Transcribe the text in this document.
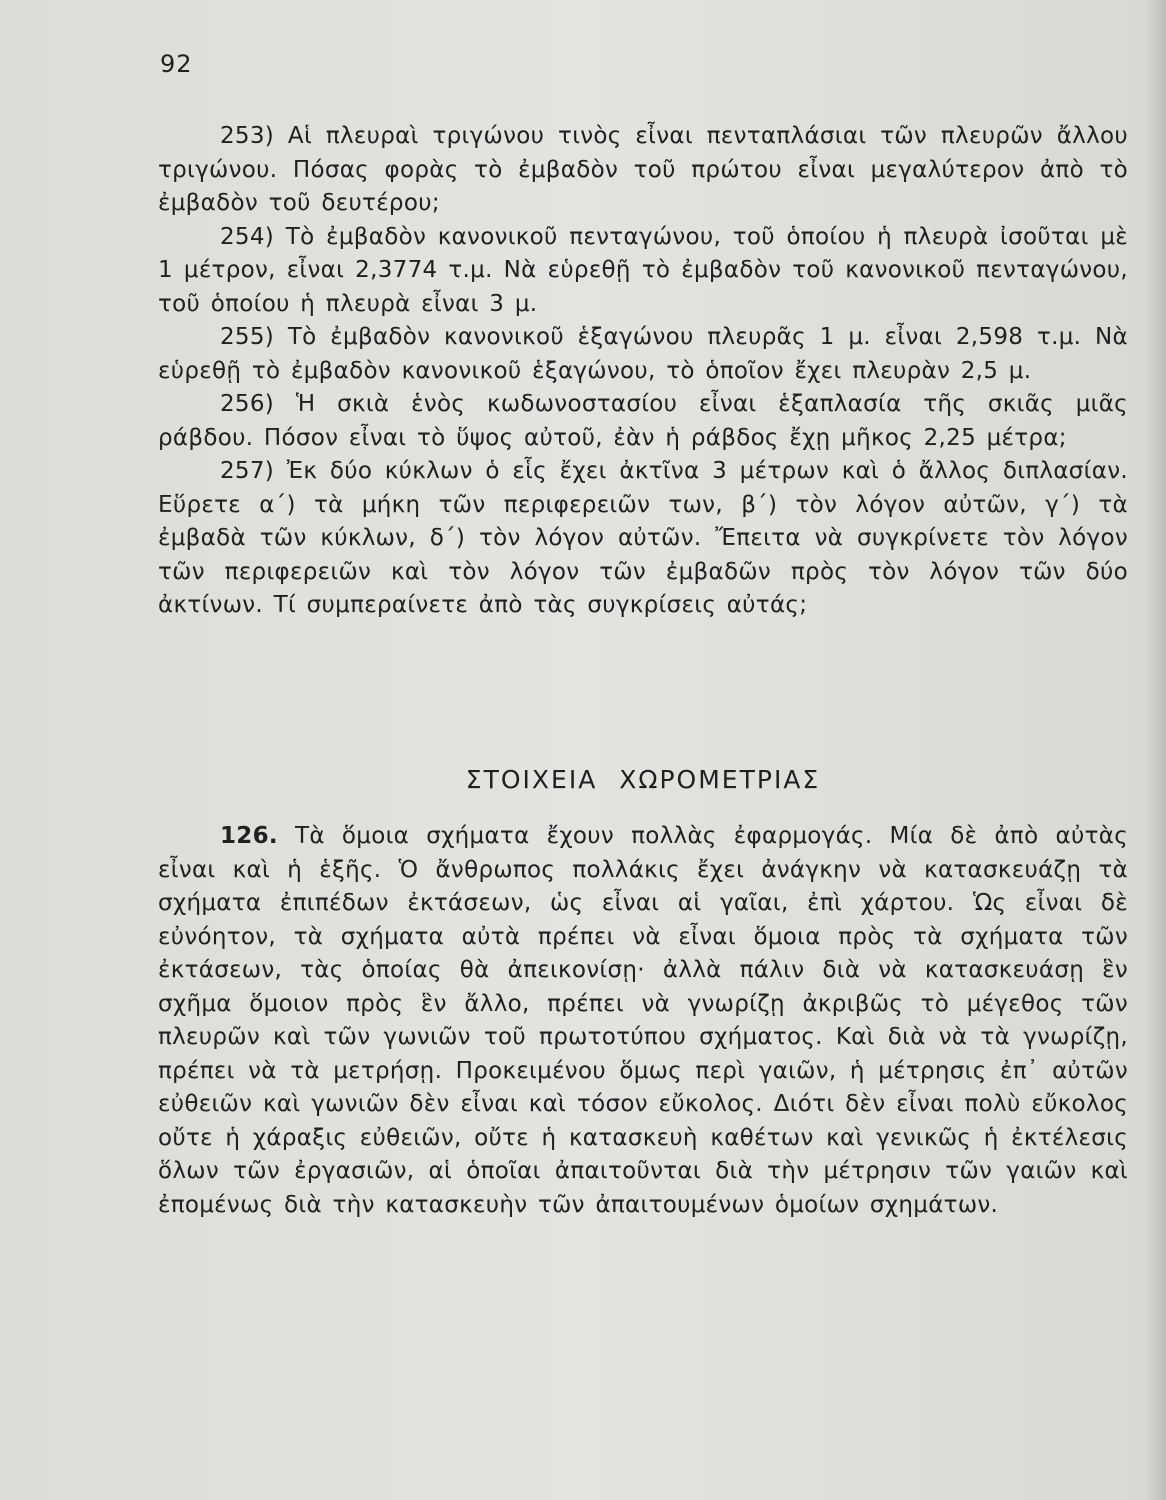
92

253) Αἱ πλευραὶ τριγώνου τινὸς εἶναι πενταπλάσιαι τῶν πλευρῶν ἄλλου τριγώνου. Πόσας φορὰς τὸ ἐμβαδὸν τοῦ πρώτου εἶναι μεγαλύτερον ἀπὸ τὸ ἐμβαδὸν τοῦ δευτέρου;

254) Τὸ ἐμβαδὸν κανονικοῦ πενταγώνου, τοῦ ὁποίου ἡ πλευρὰ ἰσοῦται μὲ 1 μέτρον, εἶναι 2,3774 τ.μ. Νὰ εὑρεθῇ τὸ ἐμβαδὸν τοῦ κανονικοῦ πενταγώνου, τοῦ ὁποίου ἡ πλευρὰ εἶναι 3 μ.

255) Τὸ ἐμβαδὸν κανονικοῦ ἑξαγώνου πλευρᾶς 1 μ. εἶναι 2,598 τ.μ. Νὰ εὑρεθῇ τὸ ἐμβαδὸν κανονικοῦ ἑξαγώνου, τὸ ὁποῖον ἔχει πλευρὰν 2,5 μ.

256) Ἡ σκιὰ ἑνὸς κωδωνοστασίου εἶναι ἑξαπλασία τῆς σκιᾶς μιᾶς ράβδου. Πόσον εἶναι τὸ ὕψος αὐτοῦ, ἐὰν ἡ ράβδος ἔχῃ μῆκος 2,25 μέτρα;

257) Ἐκ δύο κύκλων ὁ εἷς ἔχει ἀκτῖνα 3 μέτρων καὶ ὁ ἄλλος διπλασίαν. Εὕρετε α΄) τὰ μήκη τῶν περιφερειῶν των, β΄) τὸν λόγον αὐτῶν, γ΄) τὰ ἐμβαδὰ τῶν κύκλων, δ΄) τὸν λόγον αὐτῶν. Ἔπειτα νὰ συγκρίνετε τὸν λόγον τῶν περιφερειῶν καὶ τὸν λόγον τῶν ἐμβαδῶν πρὸς τὸν λόγον τῶν δύο ἀκτίνων. Τί συμπεραίνετε ἀπὸ τὰς συγκρίσεις αὐτάς;

ΣΤΟΙΧΕΙΑ ΧΩΡΟΜΕΤΡΙΑΣ

126. Τὰ ὅμοια σχήματα ἔχουν πολλὰς ἐφαρμογάς. Μία δὲ ἀπὸ αὐτὰς εἶναι καὶ ἡ ἑξῆς. Ὁ ἄνθρωπος πολλάκις ἔχει ἀνάγκην νὰ κατασκευάζῃ τὰ σχήματα ἐπιπέδων ἐκτάσεων, ὡς εἶναι αἱ γαῖαι, ἐπὶ χάρτου. Ὡς εἶναι δὲ εὐνόητον, τὰ σχήματα αὐτὰ πρέπει νὰ εἶναι ὅμοια πρὸς τὰ σχήματα τῶν ἐκτάσεων, τὰς ὁποίας θὰ ἀπεικονίσῃ· ἀλλὰ πάλιν διὰ νὰ κατασκευάσῃ ἓν σχῆμα ὅμοιον πρὸς ἓν ἄλλο, πρέπει νὰ γνωρίζῃ ἀκριβῶς τὸ μέγεθος τῶν πλευρῶν καὶ τῶν γωνιῶν τοῦ πρωτοτύπου σχήματος. Καὶ διὰ νὰ τὰ γνωρίζῃ, πρέπει νὰ τὰ μετρήσῃ. Προκειμένου ὅμως περὶ γαιῶν, ἡ μέτρησις ἐπ᾽ αὐτῶν εὐθειῶν καὶ γωνιῶν δὲν εἶναι καὶ τόσον εὔκολος. Διότι δὲν εἶναι πολὺ εὔκολος οὔτε ἡ χάραξις εὐθειῶν, οὔτε ἡ κατασκευὴ καθέτων καὶ γενικῶς ἡ ἐκτέλεσις ὅλων τῶν ἐργασιῶν, αἱ ὁποῖαι ἀπαιτοῦνται διὰ τὴν μέτρησιν τῶν γαιῶν καὶ ἐπομένως διὰ τὴν κατασκευὴν τῶν ἀπαιτουμένων ὁμοίων σχημάτων.
